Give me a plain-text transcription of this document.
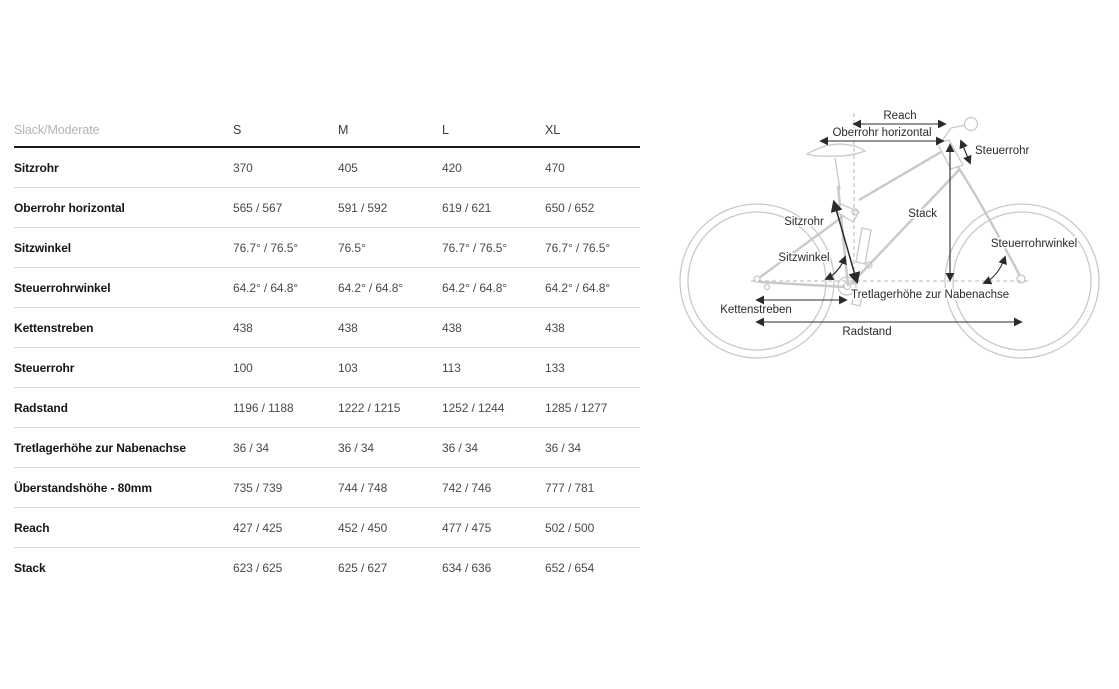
Slack/Moderate	S	M	L	XL
Sitzrohr	370	405	420	470
Oberrohr horizontal	565 / 567	591 / 592	619 / 621	650 / 652
Sitzwinkel	76.7° / 76.5°	76.5°	76.7° / 76.5°	76.7° / 76.5°
Steuerrohrwinkel	64.2° / 64.8°	64.2° / 64.8°	64.2° / 64.8°	64.2° / 64.8°
Kettenstreben	438	438	438	438
Steuerrohr	100	103	113	133
Radstand	1196 / 1188	1222 / 1215	1252 / 1244	1285 / 1277
Tretlagerhöhe zur Nabenachse	36 / 34	36 / 34	36 / 34	36 / 34
Überstandshöhe - 80mm	735 / 739	744 / 748	742 / 746	777 / 781
Reach	427 / 425	452 / 450	477 / 475	502 / 500
Stack	623 / 625	625 / 627	634 / 636	652 / 654
Reach
Oberrohr horizontal
Steuerrohr
Stack
Sitzrohr
Sitzwinkel
Steuerrohrwinkel
Tretlagerhöhe zur Nabenachse
Kettenstreben
Radstand
